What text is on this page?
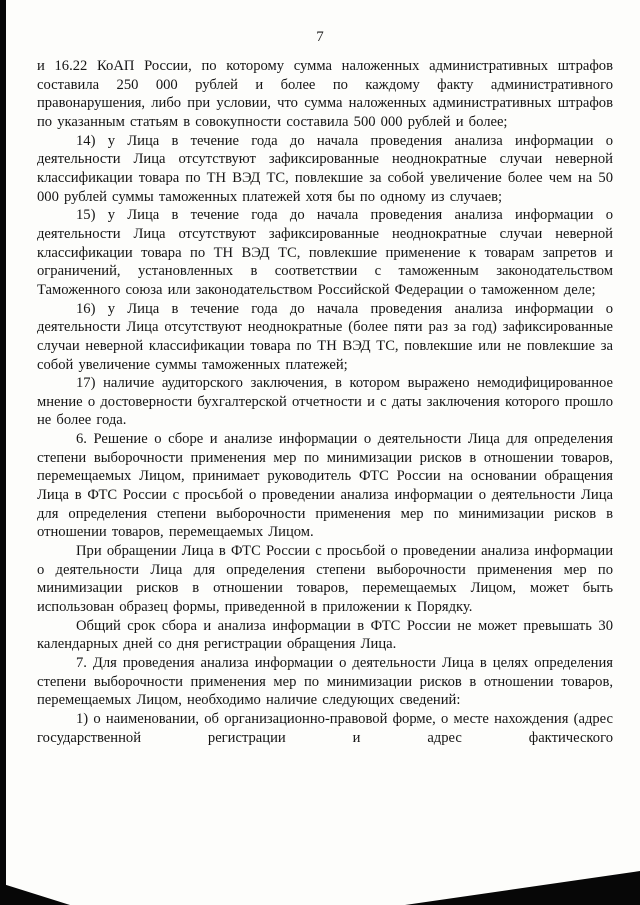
7

и 16.22 КоАП России, по которому сумма наложенных административных штрафов составила 250 000 рублей и более по каждому факту административного правонарушения, либо при условии, что сумма наложенных административных штрафов по указанным статьям в совокупности составила 500 000 рублей и более;

14) у Лица в течение года до начала проведения анализа информации о деятельности Лица отсутствуют зафиксированные неоднократные случаи неверной классификации товара по ТН ВЭД ТС, повлекшие за собой увеличение более чем на 50 000 рублей суммы таможенных платежей хотя бы по одному из случаев;

15) у Лица в течение года до начала проведения анализа информации о деятельности Лица отсутствуют зафиксированные неоднократные случаи неверной классификации товара по ТН ВЭД ТС, повлекшие применение к товарам запретов и ограничений, установленных в соответствии с таможенным законодательством Таможенного союза или законодательством Российской Федерации о таможенном деле;

16) у Лица в течение года до начала проведения анализа информации о деятельности Лица отсутствуют неоднократные (более пяти раз за год) зафиксированные случаи неверной классификации товара по ТН ВЭД ТС, повлекшие или не повлекшие за собой увеличение суммы таможенных платежей;

17) наличие аудиторского заключения, в котором выражено немодифицированное мнение о достоверности бухгалтерской отчетности и с даты заключения которого прошло не более года.

6. Решение о сборе и анализе информации о деятельности Лица для определения степени выборочности применения мер по минимизации рисков в отношении товаров, перемещаемых Лицом, принимает руководитель ФТС России на основании обращения Лица в ФТС России с просьбой о проведении анализа информации о деятельности Лица для определения степени выборочности применения мер по минимизации рисков в отношении товаров, перемещаемых Лицом.

При обращении Лица в ФТС России с просьбой о проведении анализа информации о деятельности Лица для определения степени выборочности применения мер по минимизации рисков в отношении товаров, перемещаемых Лицом, может быть использован образец формы, приведенной в приложении к Порядку.

Общий срок сбора и анализа информации в ФТС России не может превышать 30 календарных дней со дня регистрации обращения Лица.

7. Для проведения анализа информации о деятельности Лица в целях определения степени выборочности применения мер по минимизации рисков в отношении товаров, перемещаемых Лицом, необходимо наличие следующих сведений:

1) о наименовании, об организационно-правовой форме, о месте нахождения (адрес государственной регистрации и адрес фактического
